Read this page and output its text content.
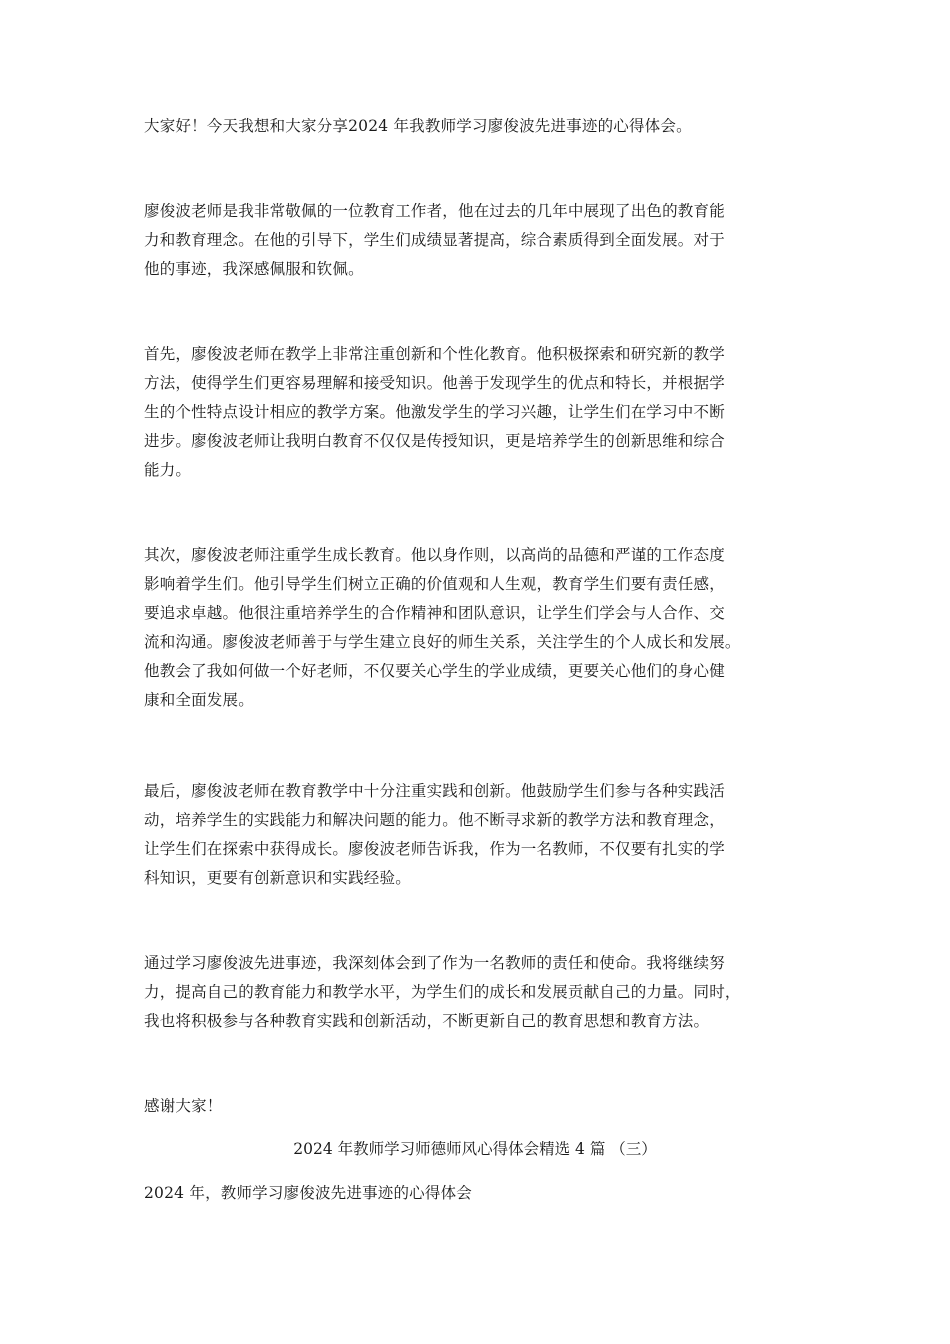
大家好！今天我想和大家分享2024 年我教师学习廖俊波先进事迹的心得体会。
廖俊波老师是我非常敬佩的一位教育工作者，他在过去的几年中展现了出色的教育能
力和教育理念。在他的引导下，学生们成绩显著提高，综合素质得到全面发展。对于
他的事迹，我深感佩服和钦佩。
首先，廖俊波老师在教学上非常注重创新和个性化教育。他积极探索和研究新的教学
方法，使得学生们更容易理解和接受知识。他善于发现学生的优点和特长，并根据学
生的个性特点设计相应的教学方案。他激发学生的学习兴趣，让学生们在学习中不断
进步。廖俊波老师让我明白教育不仅仅是传授知识，更是培养学生的创新思维和综合
能力。
其次，廖俊波老师注重学生成长教育。他以身作则，以高尚的品德和严谨的工作态度
影响着学生们。他引导学生们树立正确的价值观和人生观，教育学生们要有责任感，
要追求卓越。他很注重培养学生的合作精神和团队意识，让学生们学会与人合作、交
流和沟通。廖俊波老师善于与学生建立良好的师生关系，关注学生的个人成长和发展。
他教会了我如何做一个好老师，不仅要关心学生的学业成绩，更要关心他们的身心健
康和全面发展。
最后，廖俊波老师在教育教学中十分注重实践和创新。他鼓励学生们参与各种实践活
动，培养学生的实践能力和解决问题的能力。他不断寻求新的教学方法和教育理念，
让学生们在探索中获得成长。廖俊波老师告诉我，作为一名教师，不仅要有扎实的学
科知识，更要有创新意识和实践经验。
通过学习廖俊波先进事迹，我深刻体会到了作为一名教师的责任和使命。我将继续努
力，提高自己的教育能力和教学水平，为学生们的成长和发展贡献自己的力量。同时，
我也将积极参与各种教育实践和创新活动，不断更新自己的教育思想和教育方法。
感谢大家！
2024 年教师学习师德师风心得体会精选 4 篇 （三）
2024 年，教师学习廖俊波先进事迹的心得体会
